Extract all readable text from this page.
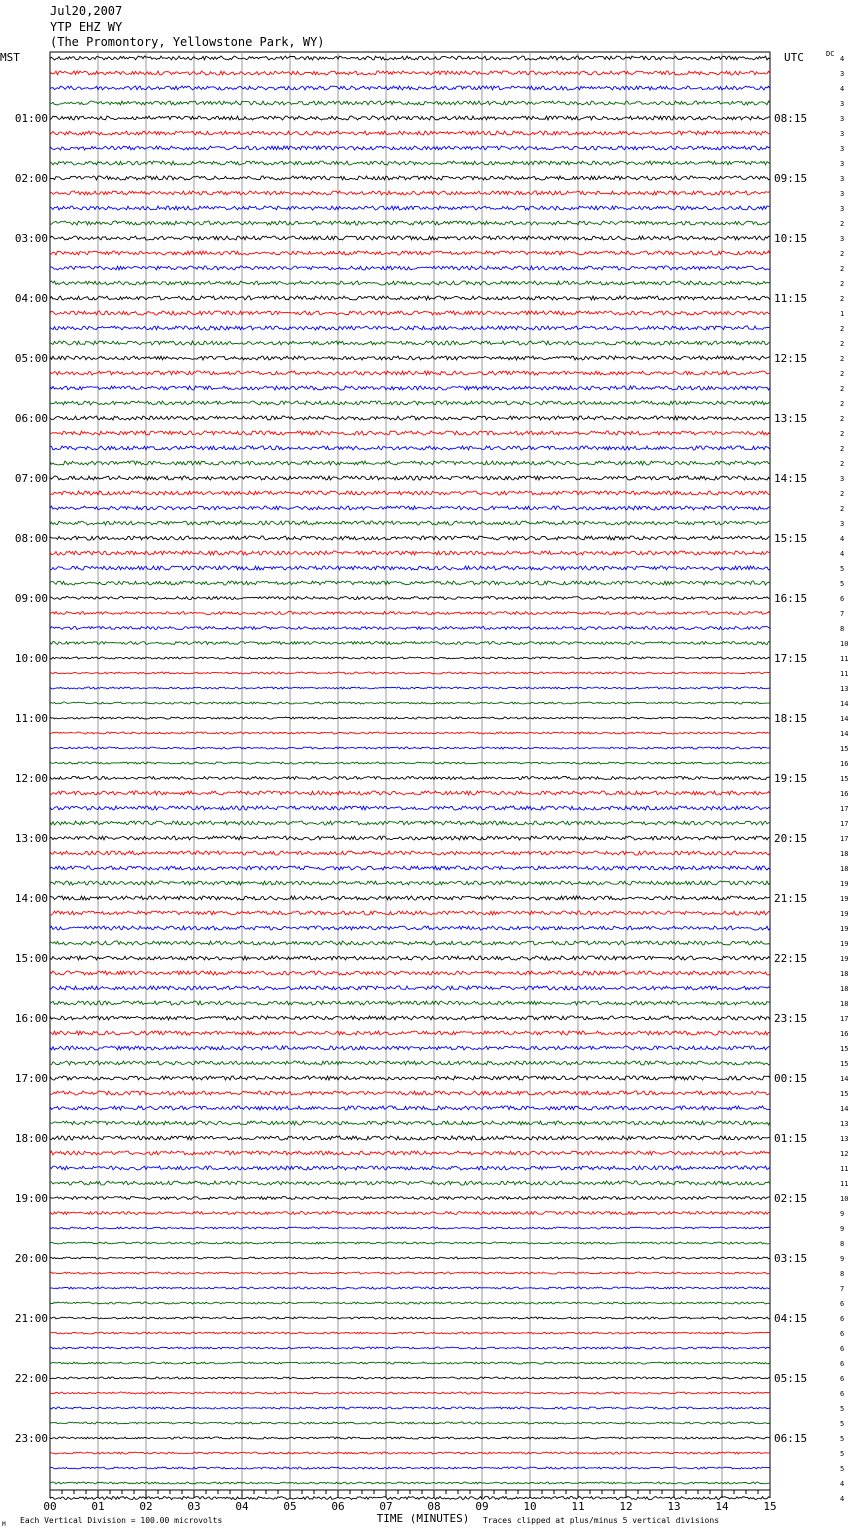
Jul20,2007
YTP EHZ WY
(The Promontory, Yellowstone Park, WY)
MST	UTC	DC
4
3
4
3
3
3
3
3
3
3
3
2
3
2
2
2
2
1
2
2
2
2
2
2
2
2
2
2
3
2
2
3
4
4
5
5
6
7
8
10
11
11
13
14
14
14
15
16
15
16
17
17
17
18
18
19
19
19
19
19
19
18
18
18
17
16
15
15
14
15
14
13
13
12
11
11
10
9
9
8
9
8
7
6
6
6
6
6
6
6
5
5
5
5
5
4
4
01:00
02:00
03:00
04:00
05:00
06:00
07:00
08:00
09:00
10:00
11:00
12:00
13:00
14:00
15:00
16:00
17:00
18:00
19:00
20:00
21:00
22:00
23:00
08:15
09:15
10:15
11:15
12:15
13:15
14:15
15:15
16:15
17:15
18:15
19:15
20:15
21:15
22:15
23:15
00:15
01:15
02:15
03:15
04:15
05:15
06:15
00	01	02	03	04	05	06	07	08	09	10	11	12	13	14	15
TIME (MINUTES)
Each Vertical Division = 100.00 microvolts	Traces clipped at plus/minus 5 vertical divisions
M
